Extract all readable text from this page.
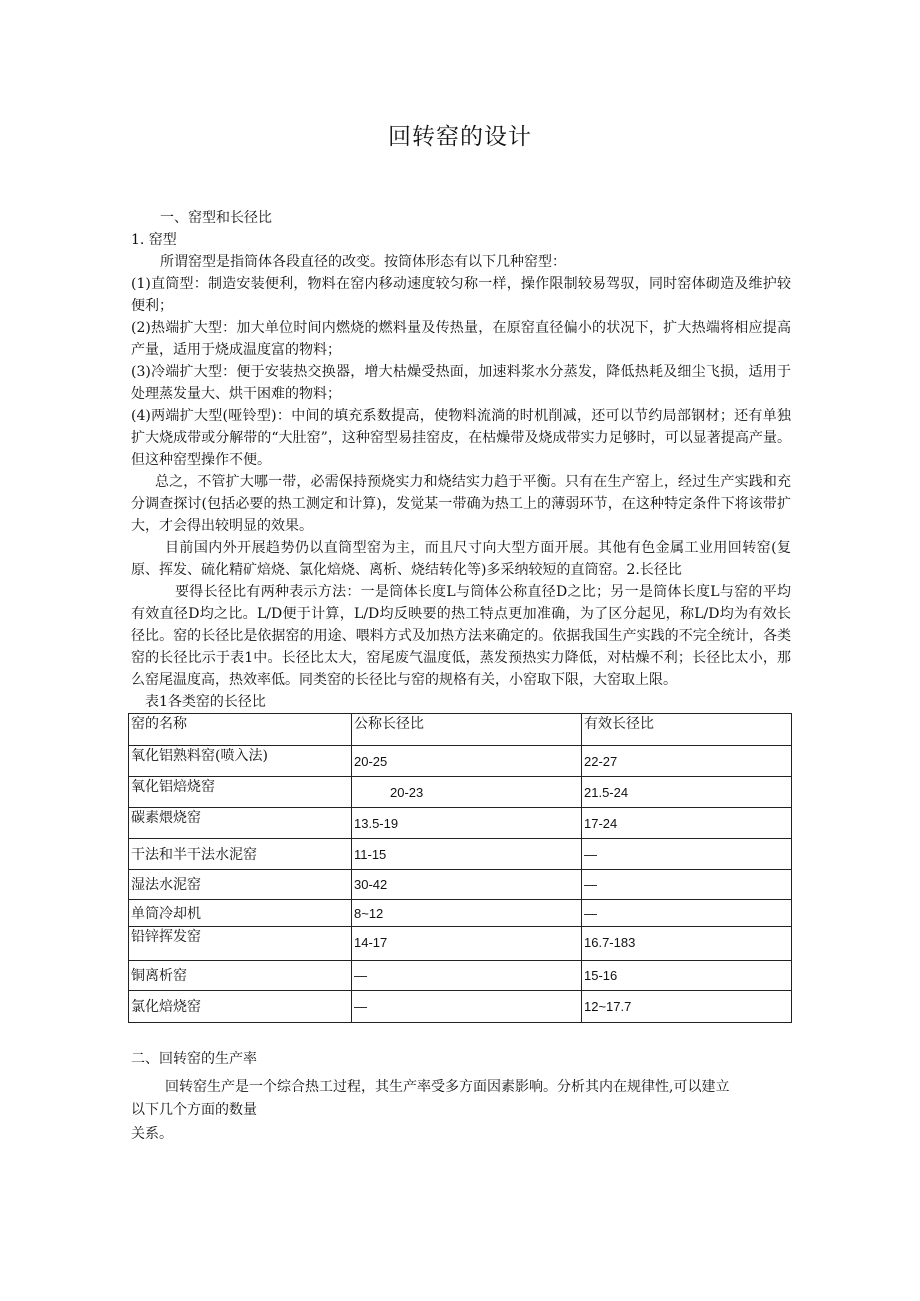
回转窑的设计
一、窑型和长径比
1. 窑型
所谓窑型是指筒体各段直径的改变。按筒体形态有以下几种窑型：
(1)直筒型：制造安装便利，物料在窑内移动速度较匀称一样，操作限制较易驾驭，同时窑体砌造及维护较便利；
(2)热端扩大型：加大单位时间内燃烧的燃料量及传热量，在原窑直径偏小的状况下，扩大热端将相应提高产量，适用于烧成温度富的物料；
(3)冷端扩大型：便于安装热交换器，增大枯燥受热面，加速料浆水分蒸发，降低热耗及细尘飞损，适用于处理蒸发量大、烘干困难的物料；
(4)两端扩大型(哑铃型)：中间的填充系数提高，使物料流淌的时机削减，还可以节约局部钢材；还有单独扩大烧成带或分解带的“大肚窑”，这种窑型易挂窑皮，在枯燥带及烧成带实力足够时，可以显著提高产量。但这种窑型操作不便。
总之，不管扩大哪一带，必需保持预烧实力和烧结实力趋于平衡。只有在生产窑上，经过生产实践和充分调查探讨(包括必要的热工测定和计算)，发觉某一带确为热工上的薄弱环节，在这种特定条件下将该带扩大，才会得出较明显的效果。
目前国内外开展趋势仍以直筒型窑为主，而且尺寸向大型方面开展。其他有色金属工业用回转窑(复原、挥发、硫化精矿焙烧、氯化焙烧、离析、烧结转化等)多采纳较短的直筒窑。2.长径比
要得长径比有两种表示方法：一是筒体长度L与筒体公称直径D之比；另一是筒体长度L与窑的平均有效直径D均之比。L/D便于计算，L/D均反映要的热工特点更加准确，为了区分起见，称L/D均为有效长径比。窑的长径比是依据窑的用途、喂料方式及加热方法来确定的。依据我国生产实践的不完全统计，各类窑的长径比示于表1中。长径比太大，窑尾废气温度低，蒸发预热实力降低，对枯燥不利；长径比太小，那么窑尾温度高，热效率低。同类窑的长径比与窑的规格有关，小窑取下限，大窑取上限。
表1各类窑的长径比
窑的名称	公称长径比	有效长径比
氧化铝熟料窑(喷入法)	20-25	22-27
氧化铝焙烧窑	20-23	21.5-24
碳素煨烧窑	13.5-19	17-24
干法和半干法水泥窑	11-15	—
湿法水泥窑	30-42	—
单筒冷却机	8~12	—
铅锌挥发窑	14-17	16.7-183
铜离析窑	—	15-16
氯化焙烧窑	—	12~17.7
二、回转窑的生产率
回转窑生产是一个综合热工过程，其生产率受多方面因素影响。分析其内在规律性,可以建立
以下几个方面的数量
关系。
